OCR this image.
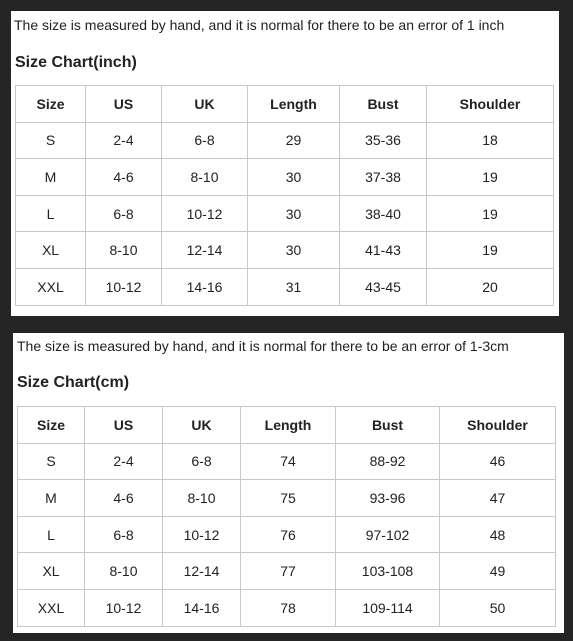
The size is measured by hand, and it is normal for there to be an error of 1 inch
Size Chart(inch)
Size	US	UK	Length	Bust	Shoulder
S	2-4	6-8	29	35-36	18
M	4-6	8-10	30	37-38	19
L	6-8	10-12	30	38-40	19
XL	8-10	12-14	30	41-43	19
XXL	10-12	14-16	31	43-45	20
The size is measured by hand, and it is normal for there to be an error of 1-3cm
Size Chart(cm)
Size	US	UK	Length	Bust	Shoulder
S	2-4	6-8	74	88-92	46
M	4-6	8-10	75	93-96	47
L	6-8	10-12	76	97-102	48
XL	8-10	12-14	77	103-108	49
XXL	10-12	14-16	78	109-114	50
